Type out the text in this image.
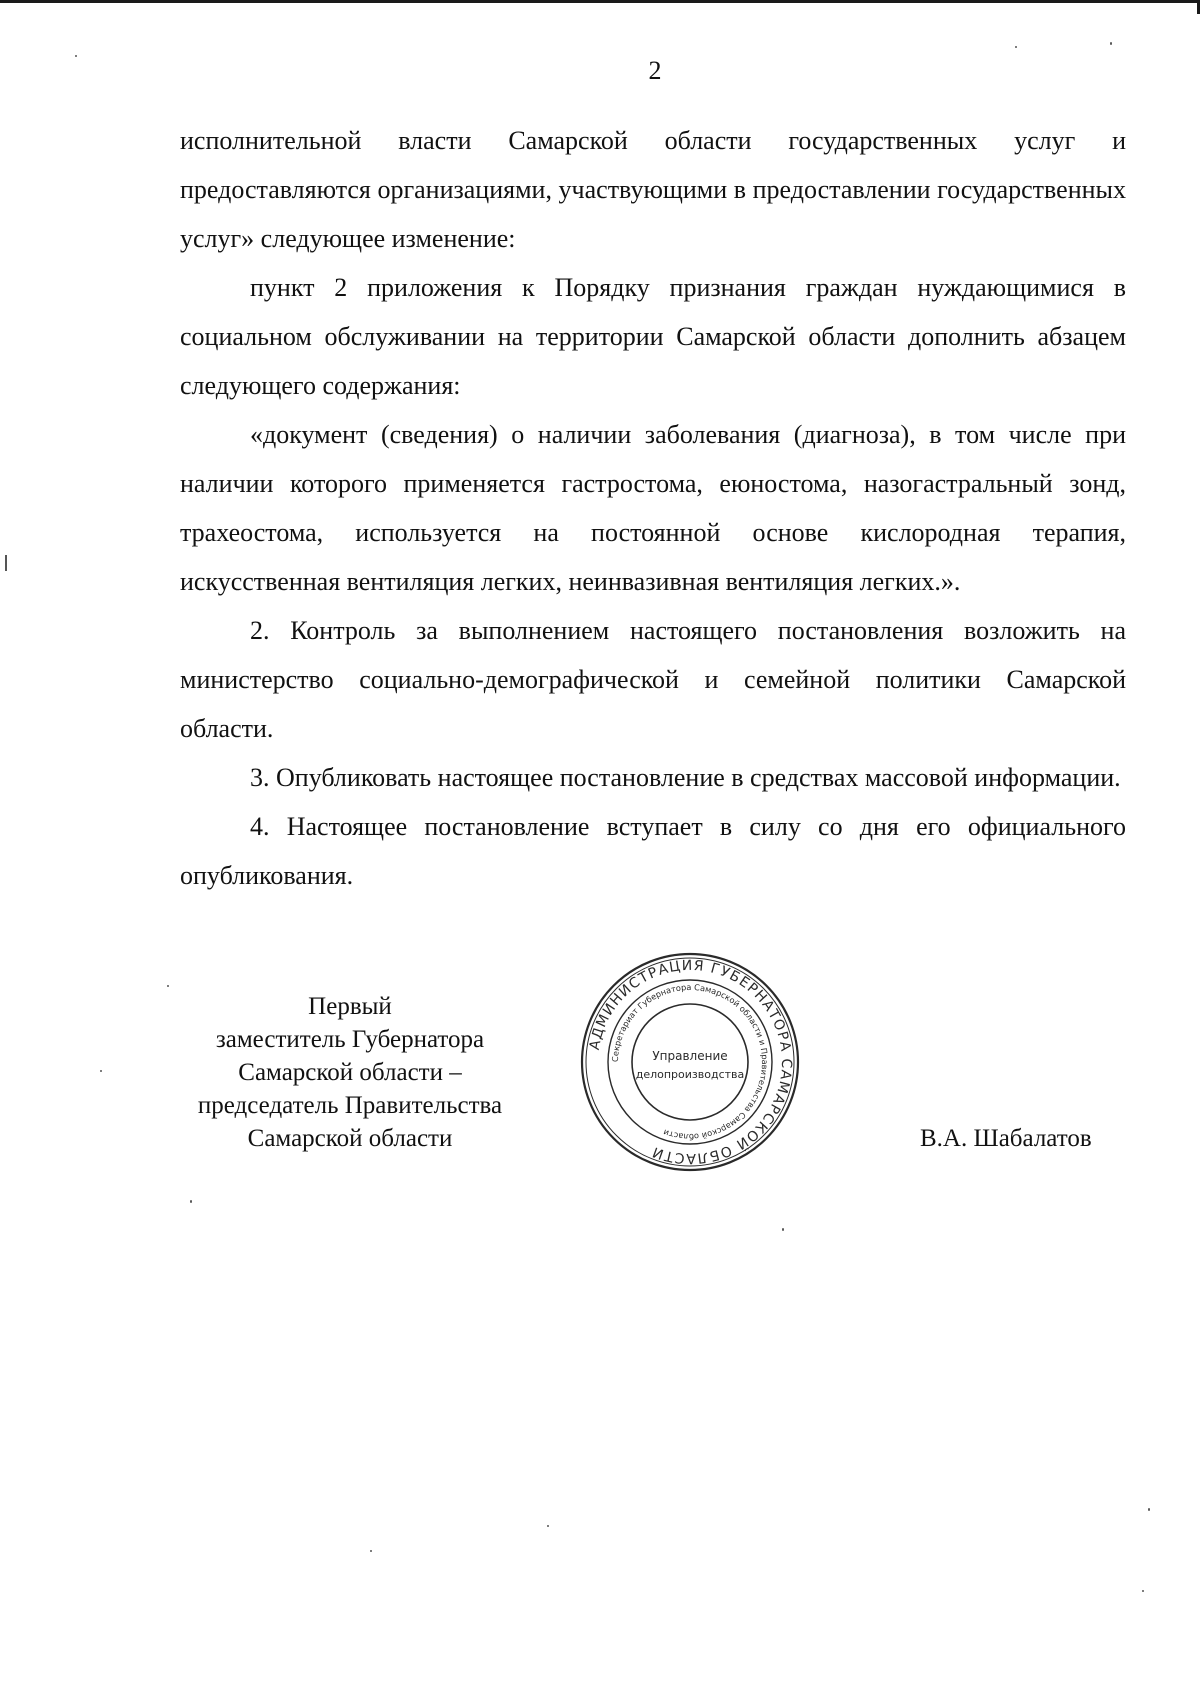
2

исполнительной власти Самарской области государственных услуг и предоставляются организациями, участвующими в предоставлении государственных услуг» следующее изменение:

пункт 2 приложения к Порядку признания граждан нуждающимися в социальном обслуживании на территории Самарской области дополнить абзацем следующего содержания:

«документ (сведения) о наличии заболевания (диагноза), в том числе при наличии которого применяется гастростома, еюностома, назогастральный зонд, трахеостома, используется на постоянной основе кислородная терапия, искусственная вентиляция легких, неинвазивная вентиляция легких.».

2. Контроль за выполнением настоящего постановления возложить на министерство социально-демографической и семейной политики Самарской области.

3. Опубликовать настоящее постановление в средствах массовой информации.

4. Настоящее постановление вступает в силу со дня его официального опубликования.

Первый
заместитель Губернатора
Самарской области –
председатель Правительства
Самарской области
АДМИНИСТРАЦИЯ ГУБЕРНАТОРА САМАРСКОЙ ОБЛАСТИ
Секретариат Губернатора Самарской области и Правительства Самарской области
Управление
делопроизводства
В.А. Шабалатов
